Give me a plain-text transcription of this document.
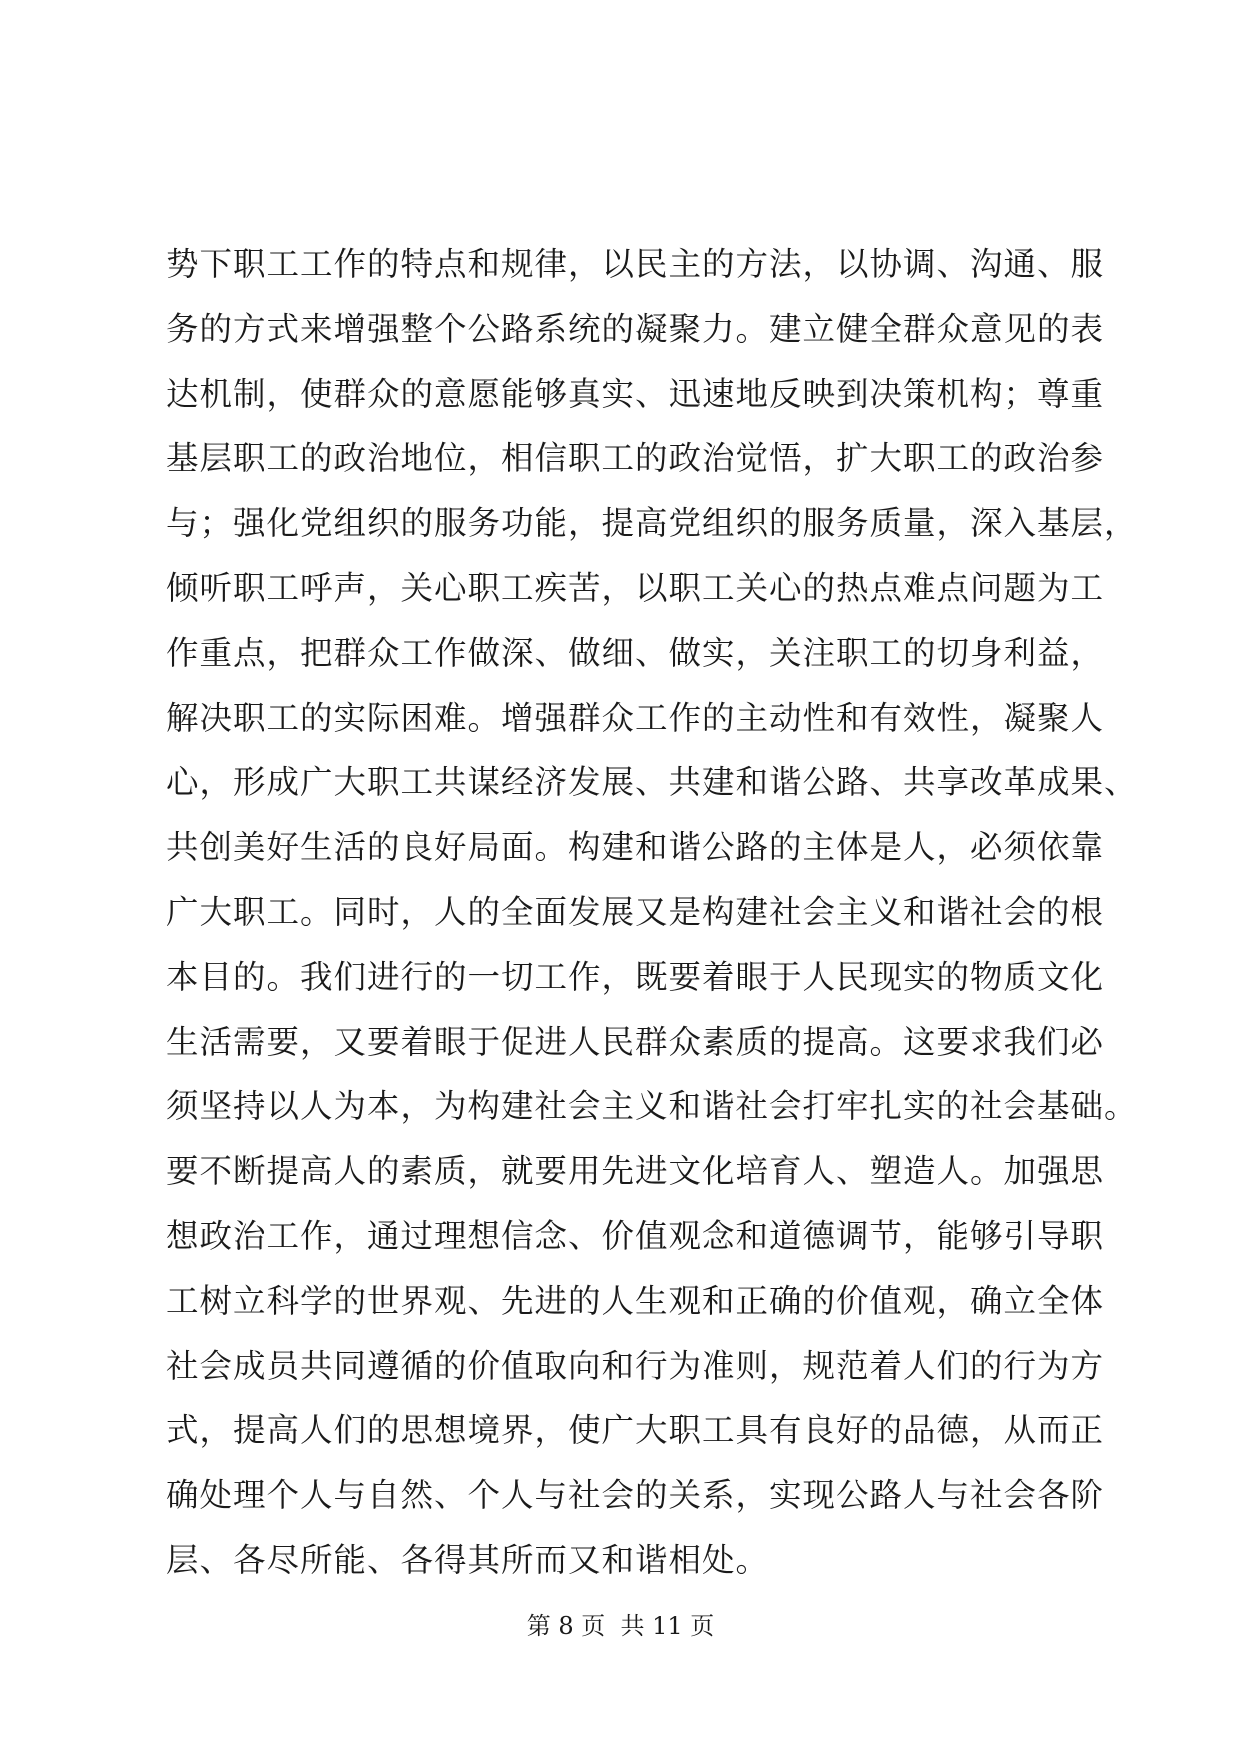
势下职工工作的特点和规律，以民主的方法，以协调、沟通、服
务的方式来增强整个公路系统的凝聚力。建立健全群众意见的表
达机制，使群众的意愿能够真实、迅速地反映到决策机构；尊重
基层职工的政治地位，相信职工的政治觉悟，扩大职工的政治参
与；强化党组织的服务功能，提高党组织的服务质量，深入基层，
倾听职工呼声，关心职工疾苦，以职工关心的热点难点问题为工
作重点，把群众工作做深、做细、做实，关注职工的切身利益，
解决职工的实际困难。增强群众工作的主动性和有效性，凝聚人
心，形成广大职工共谋经济发展、共建和谐公路、共享改革成果、
共创美好生活的良好局面。构建和谐公路的主体是人，必须依靠
广大职工。同时，人的全面发展又是构建社会主义和谐社会的根
本目的。我们进行的一切工作，既要着眼于人民现实的物质文化
生活需要，又要着眼于促进人民群众素质的提高。这要求我们必
须坚持以人为本，为构建社会主义和谐社会打牢扎实的社会基础。
要不断提高人的素质，就要用先进文化培育人、塑造人。加强思
想政治工作，通过理想信念、价值观念和道德调节，能够引导职
工树立科学的世界观、先进的人生观和正确的价值观，确立全体
社会成员共同遵循的价值取向和行为准则，规范着人们的行为方
式，提高人们的思想境界，使广大职工具有良好的品德，从而正
确处理个人与自然、个人与社会的关系，实现公路人与社会各阶
层、各尽所能、各得其所而又和谐相处。
第 8 页  共 11 页
